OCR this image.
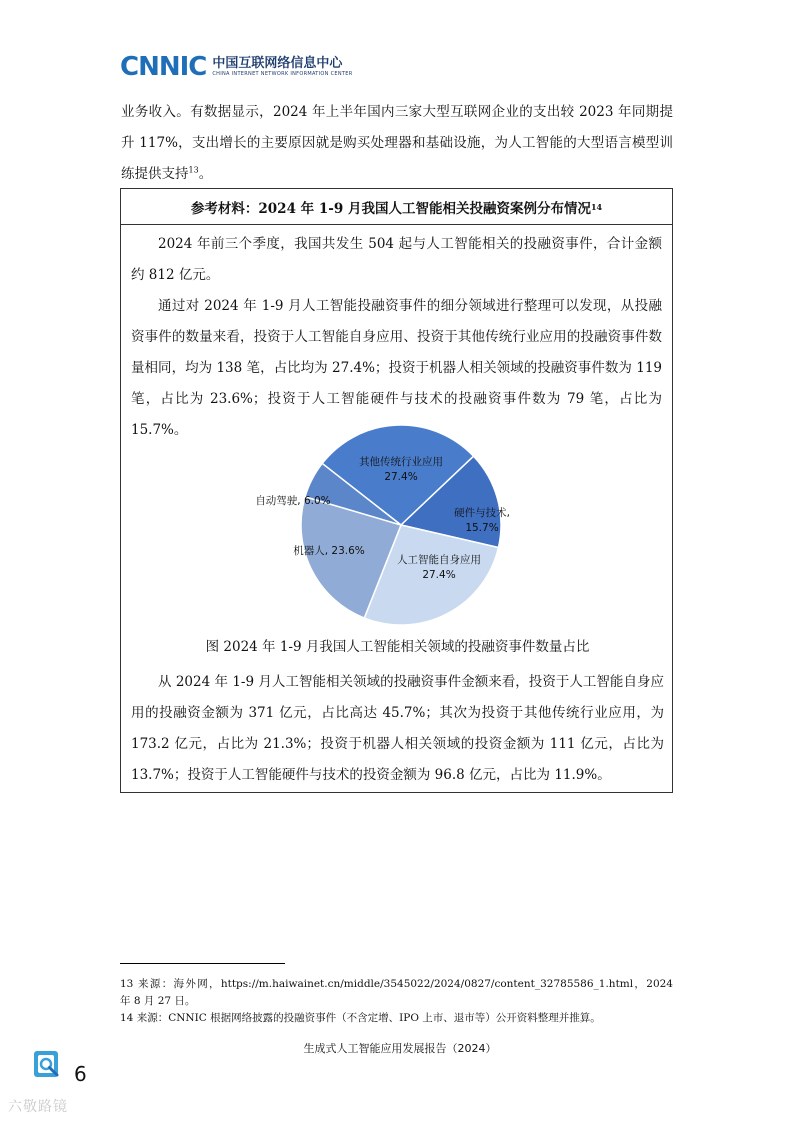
CNNIC 中国互联网络信息中心
CHINA INTERNET NETWORK INFORMATION CENTER

业务收入。有数据显示，2024 年上半年国内三家大型互联网企业的支出较 2023 年同期提升 117%，支出增长的主要原因就是购买处理器和基础设施，为人工智能的大型语言模型训练提供支持$^{13}$。

参考材料：2024 年 1-9 月我国人工智能相关投融资案例分布情况 14

2024 年前三个季度，我国共发生 504 起与人工智能相关的投融资事件，合计金额约 812 亿元。

通过对 2024 年 1-9 月人工智能投融资事件的细分领域进行整理可以发现，从投融资事件的数量来看，投资于人工智能自身应用、投资于其他传统行业应用的投融资事件数量相同，均为 138 笔，占比均为 27.4%；投资于机器人相关领域的投融资事件数为 119 笔，占比为 23.6%；投资于人工智能硬件与技术的投融资事件数为 79 笔，占比为 15.7%。

其他传统行业应用 27.4%
硬件与技术, 15.7%
人工智能自身应用 27.4%
机器人, 23.6%
自动驾驶, 6.0%
图 2024 年 1-9 月我国人工智能相关领域的投融资事件数量占比

从 2024 年 1-9 月人工智能相关领域的投融资事件金额来看，投资于人工智能自身应用的投融资金额为 371 亿元，占比高达 45.7%；其次为投资于其他传统行业应用，为 173.2 亿元，占比为 21.3%；投资于机器人相关领域的投资金额为 111 亿元，占比为 13.7%；投资于人工智能硬件与技术的投资金额为 96.8 亿元，占比为 11.9%。

13 来源：海外网，https://m.haiwainet.cn/middle/3545022/2024/0827/content_32785586_1.html，2024 年 8 月 27 日。

14 来源：CNNIC 根据网络披露的投融资事件（不含定增、IPO 上市、退市等）公开资料整理并推算。

生成式人工智能应用发展报告（2024）
6
六敬路镜
